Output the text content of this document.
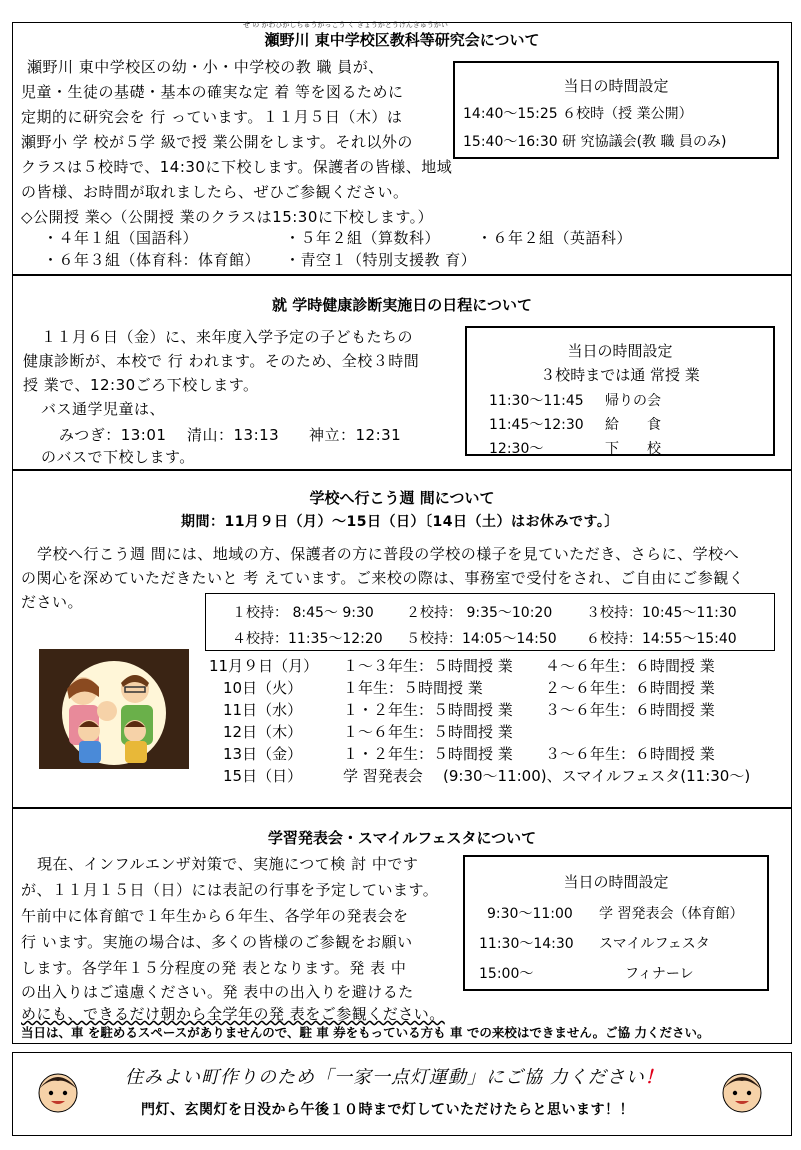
せ の かわひがしちゅうがっこう く きょうかとうけんきゅうかい
瀬野川 東中学校区教科等研究会について
瀬野川 東中学校区の幼・小・中学校の教 職 員が、
児童・生徒の基礎・基本の確実な定 着 等を図るために
定期的に研究会を 行 っています。１１月５日（木）は
瀬野小 学 校が５学 級で授 業公開をします。それ以外の
クラスは５校時で、14:30に下校します。保護者の皆様、地域
の皆様、お時間が取れましたら、ぜひご参観ください。
◇公開授 業◇（公開授 業のクラスは15:30に下校します。）
・４年１組（国語科）	・５年２組（算数科） ・６年２組（英語科）
・６年３組（体育科：体育館） ・青空１（特別支援教 育）
当日の時間設定
14:40～15:25 ６校時（授 業公開）
15:40～16:30 研 究協議会(教 職 員のみ)
就 学時健康診断実施日の日程について
１１月６日（金）に、来年度入学予定の子どもたちの
健康診断が、本校で 行 われます。そのため、全校３時間
授 業で、12:30ごろ下校します。
バス通学児童は、
みつぎ：13:01 清山：13:13 神立：12:31
のバスで下校します。
当日の時間設定
３校時までは通 常授 業
11:30～11:45 帰りの会
11:45～12:30 給　　食
12:30～	下　　校
学校へ行こう週 間について
期間：11月９日（月）～15日（日）〔14日（土）はお休みです。〕
学校へ行こう週 間には、地域の方、保護者の方に普段の学校の様子を見ていただき、さらに、学校へ
の関心を深めていただきたいと 考 えています。ご来校の際は、事務室で受付をされ、ご自由にご参観く
ださい。
１校持： 8:45～ 9:30 ２校持： 9:35～10:20 ３校持：10:45～11:30
４校持：11:35～12:20 ５校持：14:05～14:50 ６校持：14:55～15:40
11月９日（月） １～３年生：５時間授 業 ４～６年生：６時間授 業
10日（火）	１年生：５時間授 業	２～６年生：６時間授 業
11日（水）	１・２年生：５時間授 業 ３～６年生：６時間授 業
12日（木）	１～６年生：５時間授 業
13日（金）	１・２年生：５時間授 業 ３～６年生：６時間授 業
15日（日）	学 習発表会 (9:30～11:00)、スマイルフェスタ(11:30～)
学習発表会・スマイルフェスタについて
現在、インフルエンザ対策で、実施につて検 討 中です
が、１１月１５日（日）には表記の行事を予定しています。
午前中に体育館で１年生から６年生、各学年の発表会を
行 います。実施の場合は、多くの皆様のご参観をお願い
します。各学年１５分程度の発 表となります。発 表 中
の出入りはご遠慮ください。発 表中の出入りを避けるた
めにも、できるだけ朝から全学年の発 表をご参観ください。
当日は、車 を駐めるスペースがありませんので、駐 車 券をもっている方も 車 での来校はできません。ご協 力ください。
当日の時間設定
9:30～11:00 学 習発表会（体育館）
11:30～14:30 スマイルフェスタ
15:00～	フィナーレ
住みよい町作りのため「一家一点灯運動」にご協 力ください！
門灯、玄関灯を日没から午後１０時まで灯していただけたらと思います！！
